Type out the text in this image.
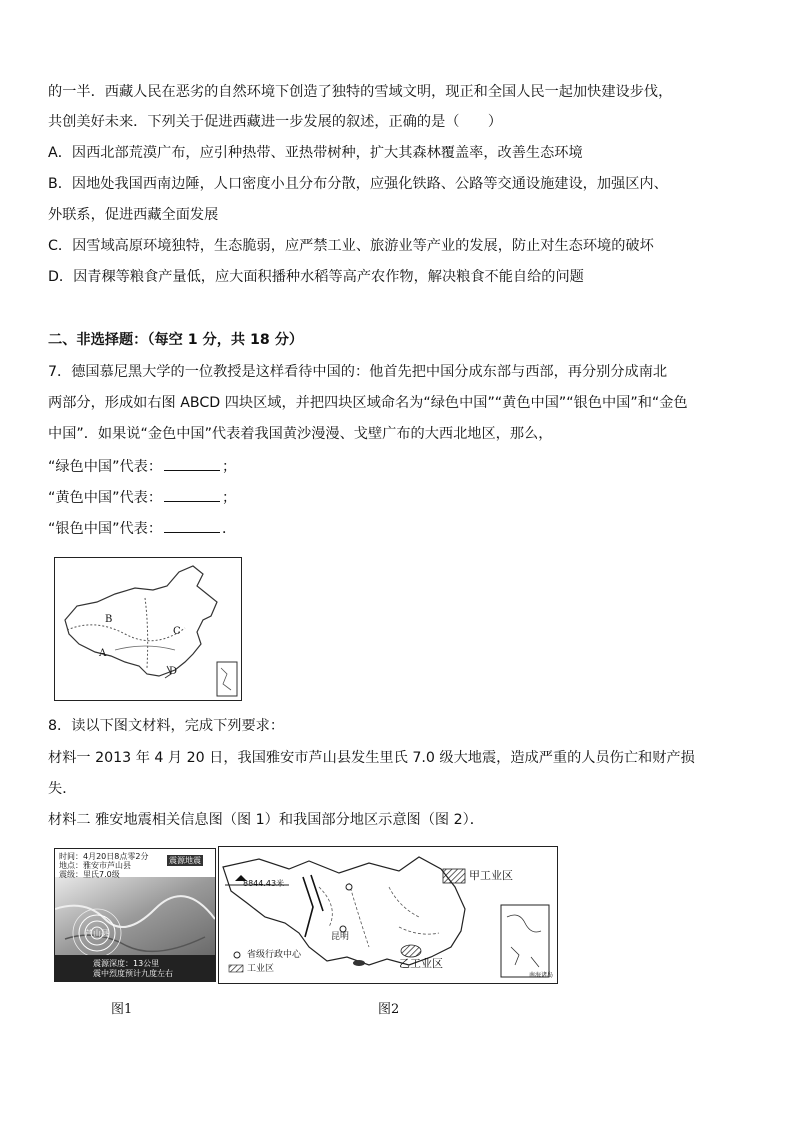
的一半．西藏人民在恶劣的自然环境下创造了独特的雪域文明，现正和全国人民一起加快建设步伐，
共创美好未来．下列关于促进西藏进一步发展的叙述，正确的是（　　）
A．因西北部荒漠广布，应引种热带、亚热带树种，扩大其森林覆盖率，改善生态环境
B．因地处我国西南边陲，人口密度小且分布分散，应强化铁路、公路等交通设施建设，加强区内、
外联系，促进西藏全面发展
C．因雪域高原环境独特，生态脆弱，应严禁工业、旅游业等产业的发展，防止对生态环境的破坏
D．因青稞等粮食产量低，应大面积播种水稻等高产农作物，解决粮食不能自给的问题
二、非选择题：（每空 1 分，共 18 分）
7．德国慕尼黑大学的一位教授是这样看待中国的：他首先把中国分成东部与西部，再分别分成南北
两部分，形成如右图 ABCD 四块区域，并把四块区域命名为“绿色中国”“黄色中国”“银色中国”和“金色
中国”．如果说“金色中国”代表着我国黄沙漫漫、戈壁广布的大西北地区，那么，
“绿色中国”代表：	；
“黄色中国”代表：	；
“银色中国”代表：	．
B
C
A
D
8．读以下图文材料，完成下列要求：
材料一 2013 年 4 月 20 日，我国雅安市芦山县发生里氏 7.0 级大地震，造成严重的人员伤亡和财产损
失．
材料二 雅安地震相关信息图（图 1）和我国部分地区示意图（图 2）．
时间：4月20日8点零2分
地点：雅安市芦山县
震级：里氏7.0级
震源地震
芦山县
震源深度：13公里
震中烈度预计九度左右
图1
8844.43米
昆明
甲工业区
乙工业区
省级行政中心
工业区
南海诸岛
图2
